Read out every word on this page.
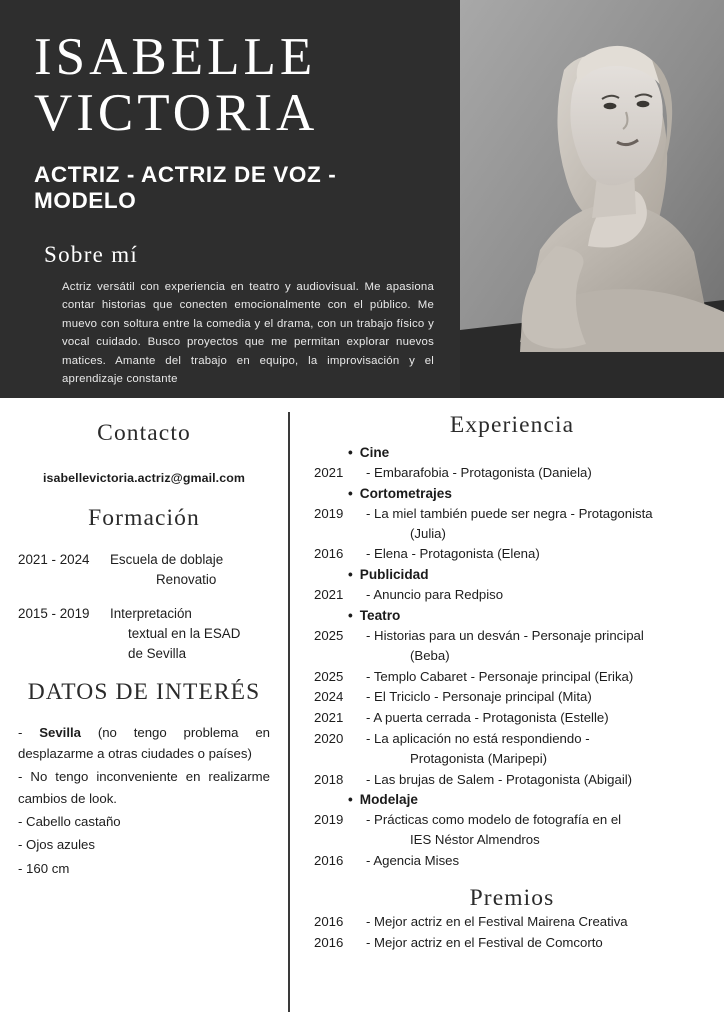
ISABELLE
VICTORIA
ACTRIZ - ACTRIZ DE VOZ - MODELO
Sobre mí
Actriz versátil con experiencia en teatro y audiovisual. Me apasiona contar historias que conecten emocionalmente con el público. Me muevo con soltura entre la comedia y el drama, con un trabajo físico y vocal cuidado. Busco proyectos que me permitan explorar nuevos matices. Amante del trabajo en equipo, la improvisación y el aprendizaje constante
Contacto
isabellevictoria.actriz@gmail.com
Formación
2021 - 2024	Escuela de doblaje
Renovatio
2015 - 2019	Interpretación
textual en la ESAD
de Sevilla
DATOS DE INTERÉS

- Sevilla (no tengo problema en desplazarme a otras ciudades o países)

- No tengo inconveniente en realizarme cambios de look.

- Cabello castaño

- Ojos azules

- 160 cm

Experiencia
• Cine
2021	- Embarafobia - Protagonista (Daniela)
• Cortometrajes
2019	- La miel también puede ser negra - Protagonista
(Julia)
2016	- Elena - Protagonista (Elena)
• Publicidad
2021	- Anuncio para Redpiso
• Teatro
2025	- Historias para un desván - Personaje principal
(Beba)
2025	- Templo Cabaret - Personaje principal (Erika)
2024	- El Triciclo - Personaje principal (Mita)
2021	- A puerta cerrada - Protagonista (Estelle)
2020	- La aplicación no está respondiendo -
Protagonista (Maripepi)
2018	- Las brujas de Salem - Protagonista (Abigail)
• Modelaje
2019	- Prácticas como modelo de fotografía en el
IES Néstor Almendros
2016	- Agencia Mises
Premios
2016	- Mejor actriz en el Festival Mairena Creativa
2016	- Mejor actriz en el Festival de Comcorto
